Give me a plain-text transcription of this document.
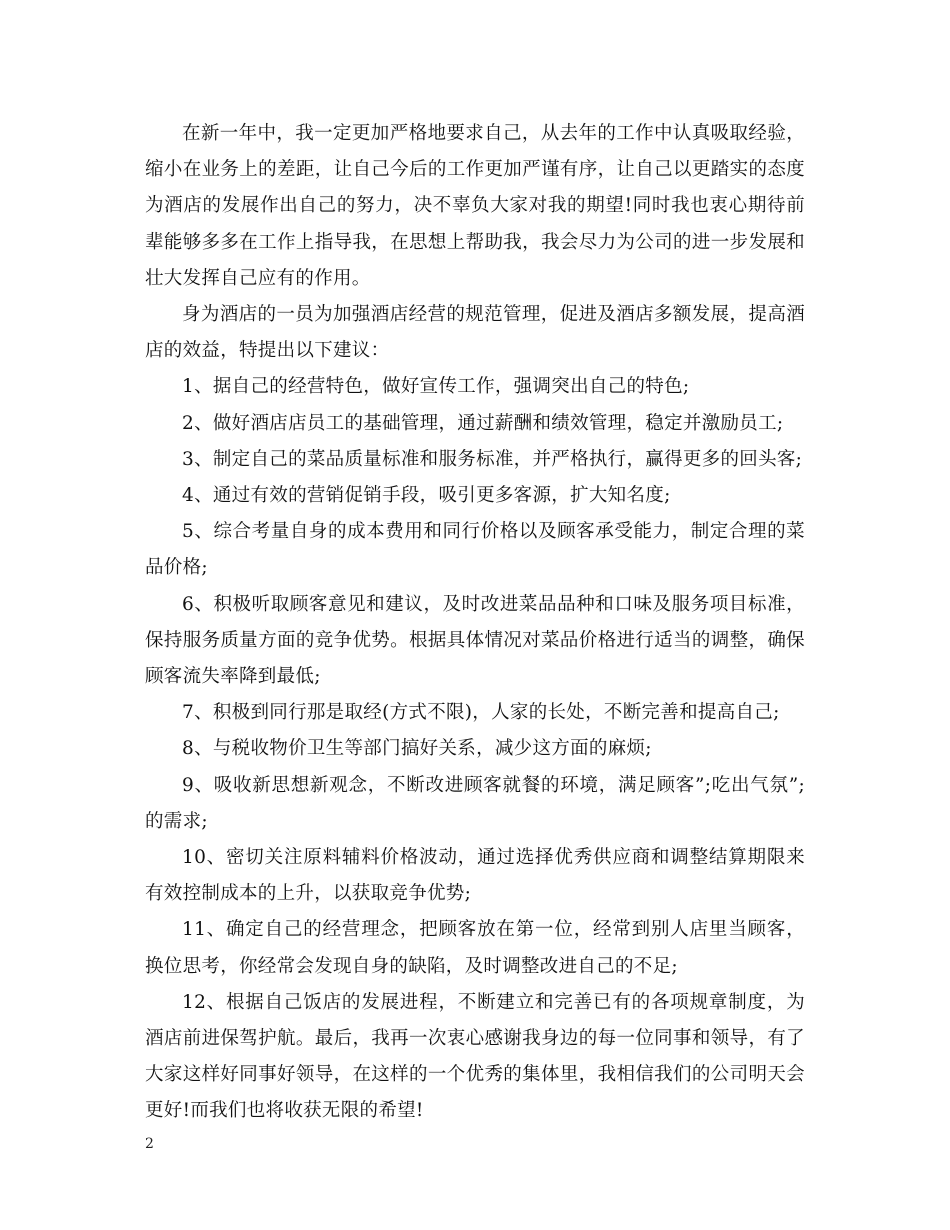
在新一年中，我一定更加严格地要求自己，从去年的工作中认真吸取经验，缩小在业务上的差距，让自己今后的工作更加严谨有序，让自己以更踏实的态度为酒店的发展作出自己的努力，决不辜负大家对我的期望!同时我也衷心期待前辈能够多多在工作上指导我，在思想上帮助我，我会尽力为公司的进一步发展和壮大发挥自己应有的作用。

身为酒店的一员为加强酒店经营的规范管理，促进及酒店多额发展，提高酒店的效益，特提出以下建议：

1、据自己的经营特色，做好宣传工作，强调突出自己的特色;

2、做好酒店店员工的基础管理，通过薪酬和绩效管理，稳定并激励员工;

3、制定自己的菜品质量标准和服务标准，并严格执行，赢得更多的回头客;

4、通过有效的营销促销手段，吸引更多客源，扩大知名度;

5、综合考量自身的成本费用和同行价格以及顾客承受能力，制定合理的菜品价格;

6、积极听取顾客意见和建议，及时改进菜品品种和口味及服务项目标准，保持服务质量方面的竞争优势。根据具体情况对菜品价格进行适当的调整，确保顾客流失率降到最低;

7、积极到同行那是取经(方式不限)，人家的长处，不断完善和提高自己;

8、与税收物价卫生等部门搞好关系，减少这方面的麻烦;

9、吸收新思想新观念，不断改进顾客就餐的环境，满足顾客”;吃出气氛”;的需求;

10、密切关注原料辅料价格波动，通过选择优秀供应商和调整结算期限来有效控制成本的上升，以获取竞争优势;

11、确定自己的经营理念，把顾客放在第一位，经常到别人店里当顾客，换位思考，你经常会发现自身的缺陷，及时调整改进自己的不足;

12、根据自己饭店的发展进程，不断建立和完善已有的各项规章制度，为酒店前进保驾护航。最后，我再一次衷心感谢我身边的每一位同事和领导，有了大家这样好同事好领导，在这样的一个优秀的集体里，我相信我们的公司明天会更好!而我们也将收获无限的希望!

2
